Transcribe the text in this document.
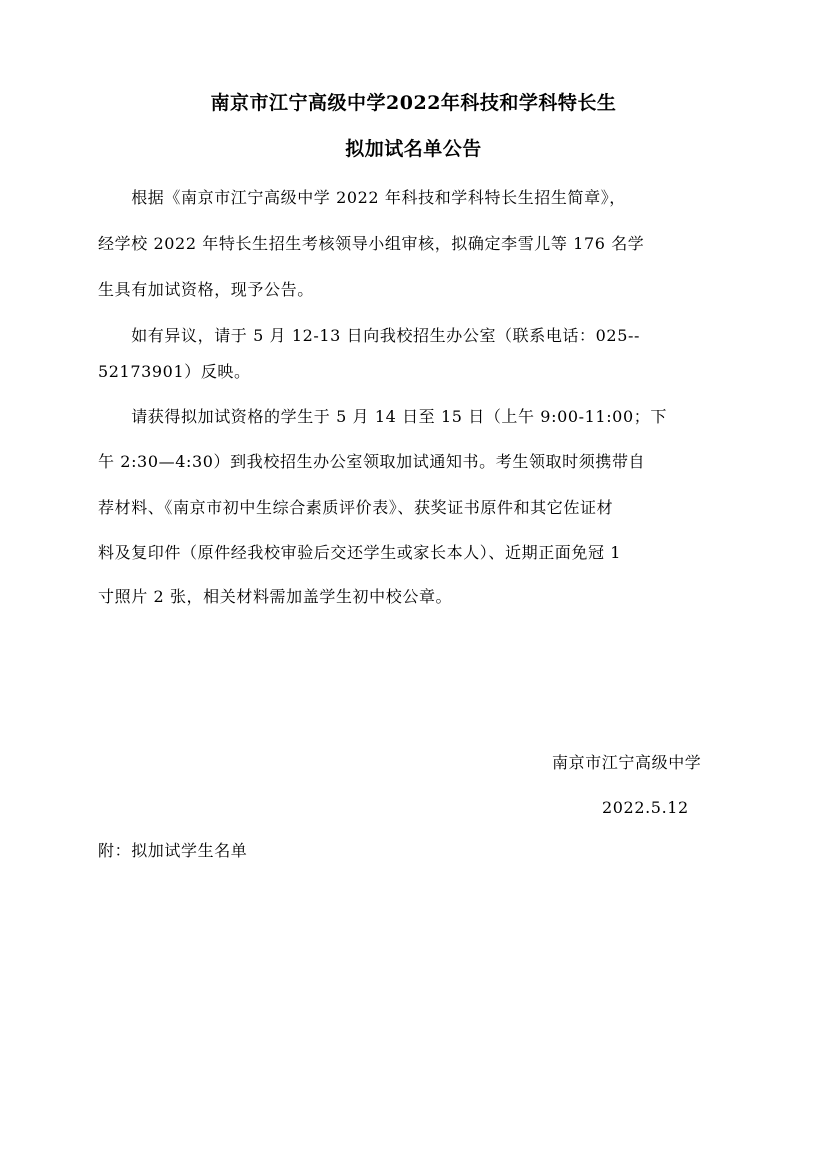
南京市江宁高级中学2022年科技和学科特长生
拟加试名单公告
　　根据《南京市江宁高级中学 2022 年科技和学科特长生招生简章》，
经学校 2022 年特长生招生考核领导小组审核，拟确定李雪儿等 176 名学
生具有加试资格，现予公告。
　　如有异议，请于 5 月 12-13 日向我校招生办公室（联系电话：025--
52173901）反映。
　　请获得拟加试资格的学生于 5 月 14 日至 15 日（上午 9:00-11:00；下
午 2:30—4:30）到我校招生办公室领取加试通知书。考生领取时须携带自
荐材料、《南京市初中生综合素质评价表》、获奖证书原件和其它佐证材
料及复印件（原件经我校审验后交还学生或家长本人）、近期正面免冠 1
寸照片 2 张，相关材料需加盖学生初中校公章。
南京市江宁高级中学
2022.5.12
附：拟加试学生名单
